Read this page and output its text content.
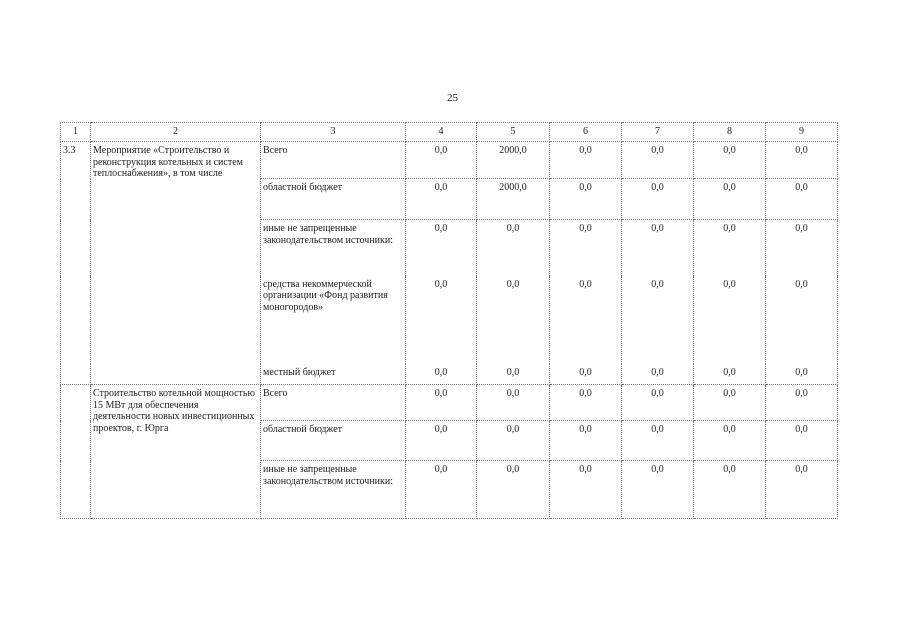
25
1	2	3	4	5	6	7	8	9
3.3	Мероприятие «Строительство и реконструкция котельных и систем теплоснабжения», в том числе	Всего	0,0	2000,0	0,0	0,0	0,0	0,0
		областной бюджет	0,0	2000,0	0,0	0,0	0,0	0,0
		иные не запрещенные законодательством источники:	0,0	0,0	0,0	0,0	0,0	0,0
		средства некоммерческой организации «Фонд развития моногородов»	0,0	0,0	0,0	0,0	0,0	0,0
		местный бюджет	0,0	0,0	0,0	0,0	0,0	0,0
	Строительство котельной мощностью 15 МВт для обеспечения деятельности новых инвестиционных проектов, г. Юрга	Всего	0,0	0,0	0,0	0,0	0,0	0,0
		областной бюджет	0,0	0,0	0,0	0,0	0,0	0,0
		иные не запрещенные законодательством источники:	0,0	0,0	0,0	0,0	0,0	0,0
